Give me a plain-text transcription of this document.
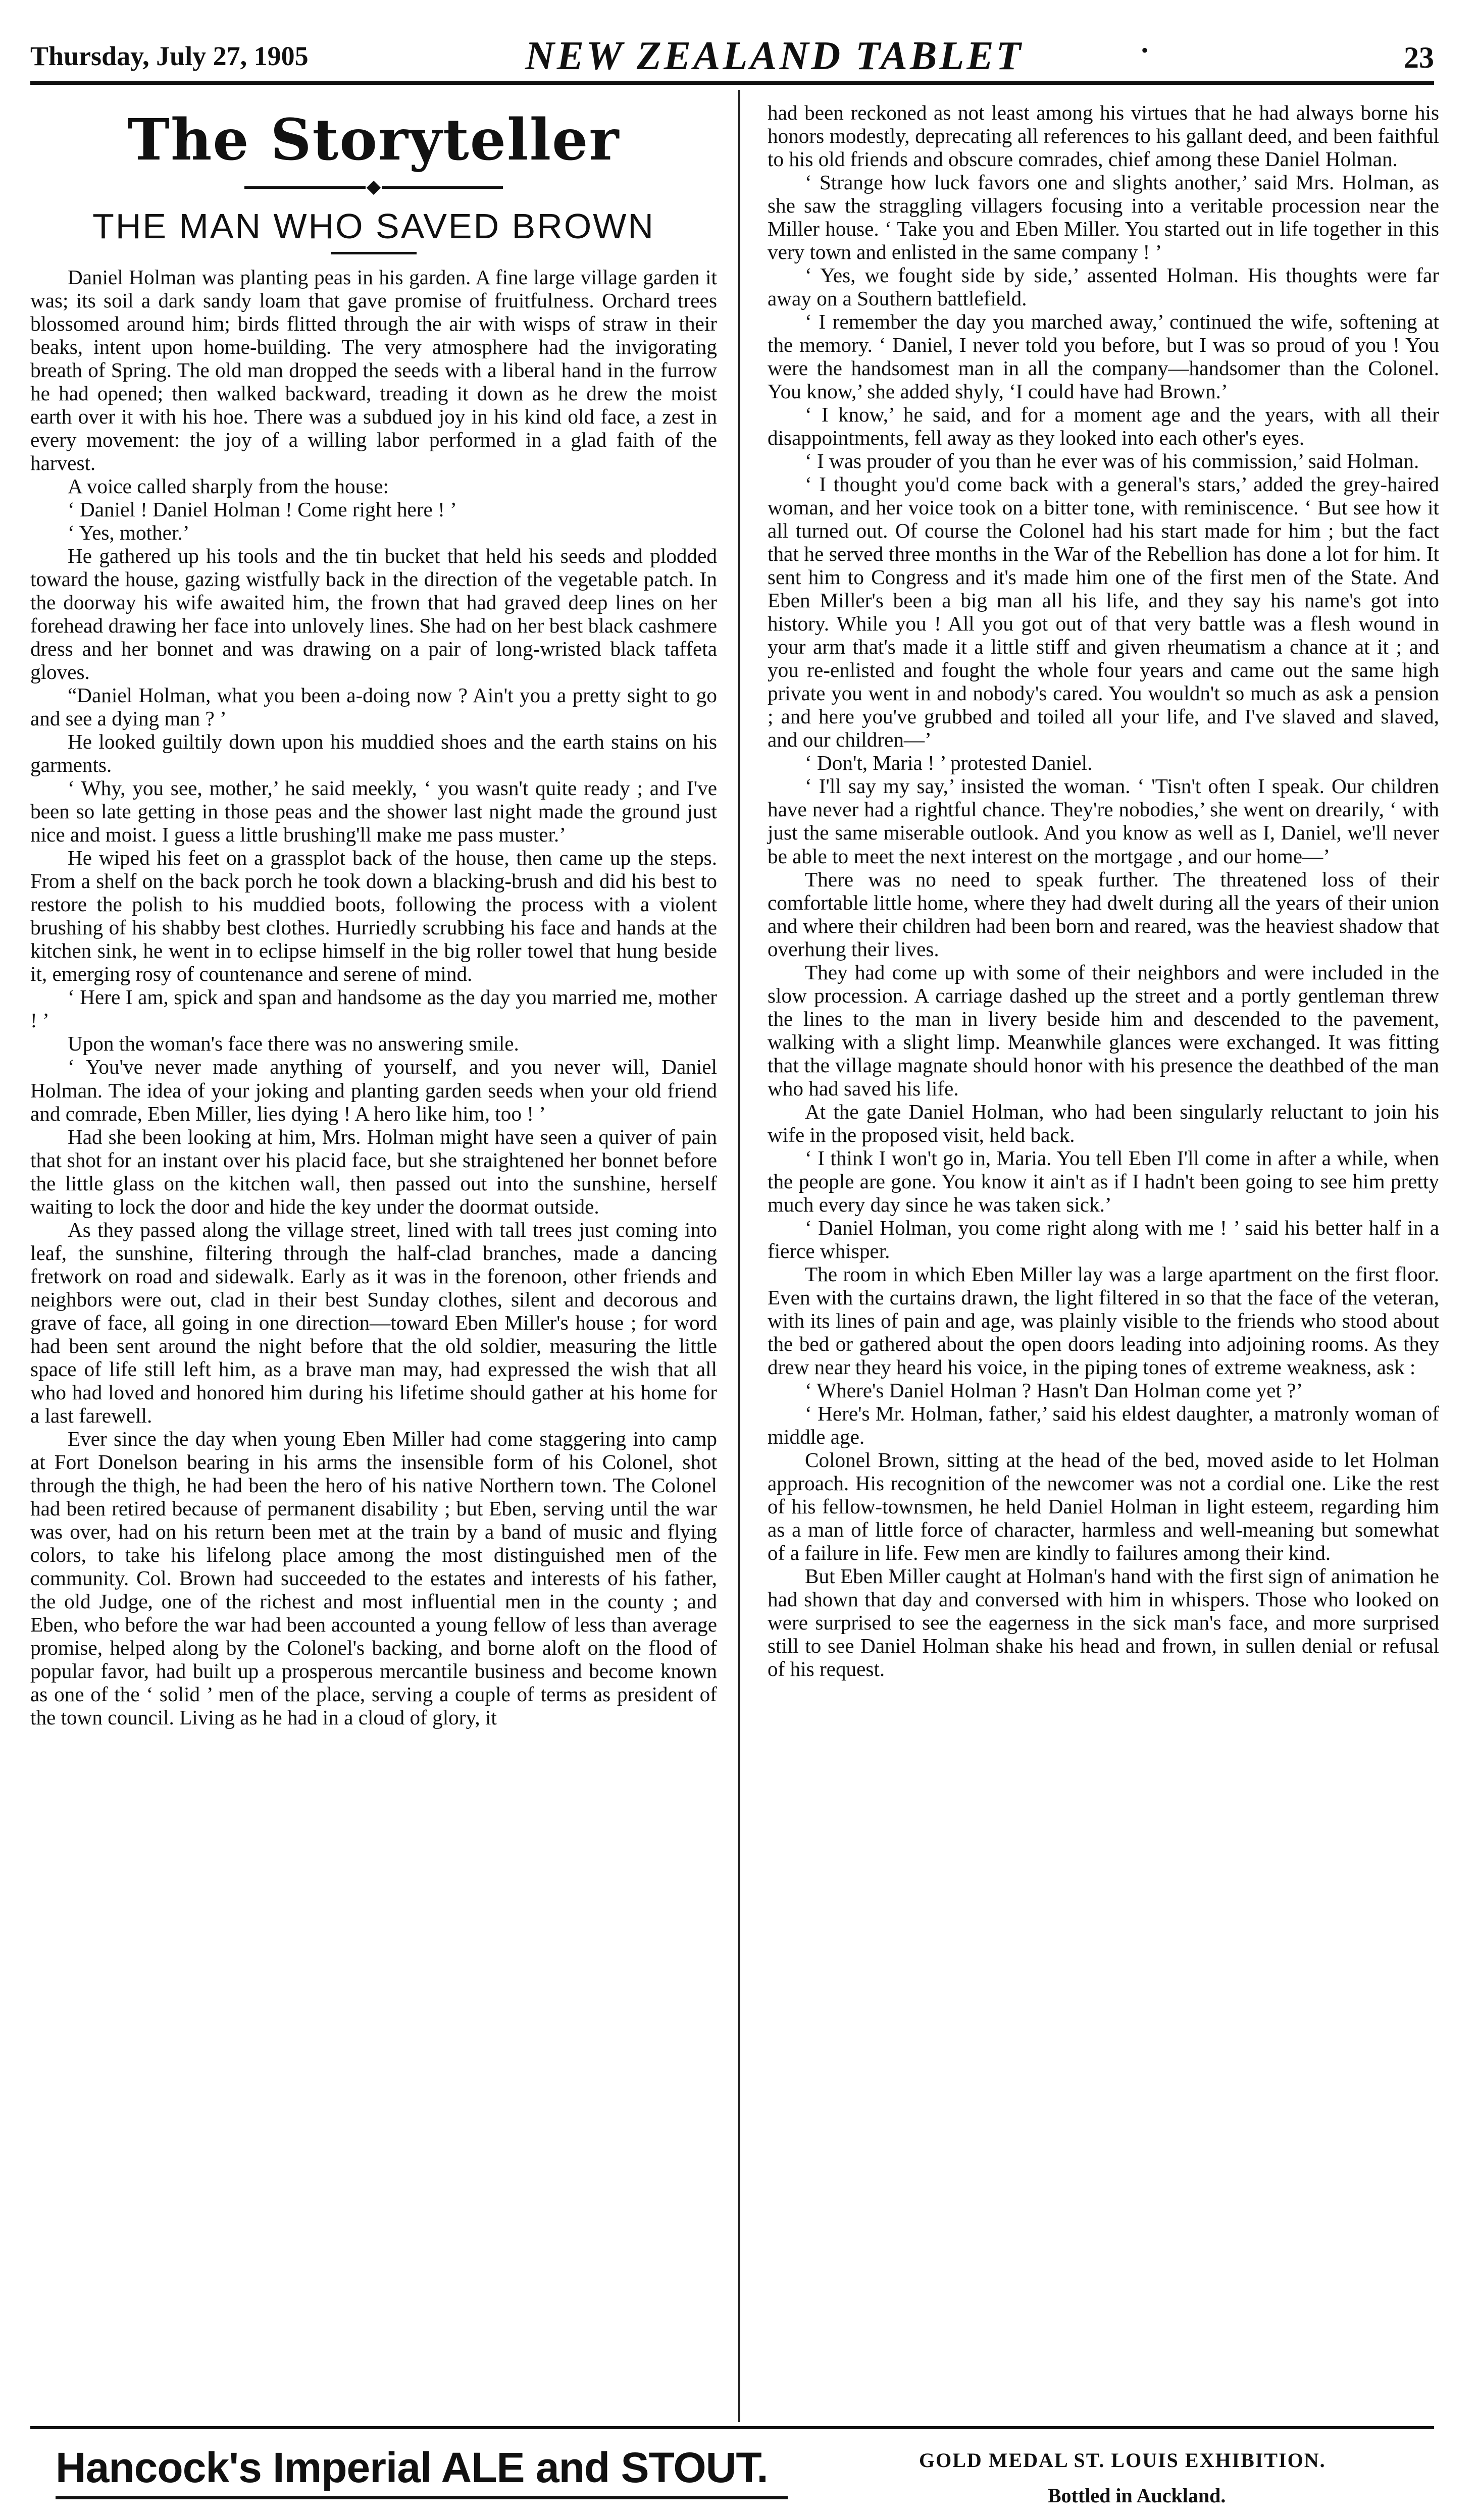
Thursday, July 27, 1905	NEW ZEALAND TABLET	•	23
The Storyteller
THE MAN WHO SAVED BROWN

Daniel Holman was planting peas in his garden. A fine large village garden it was; its soil a dark sandy loam that gave promise of fruitfulness. Orchard trees blossomed around him; birds flitted through the air with wisps of straw in their beaks, intent upon home-building. The very atmosphere had the invigorating breath of Spring. The old man dropped the seeds with a liberal hand in the furrow he had opened; then walked backward, treading it down as he drew the moist earth over it with his hoe. There was a subdued joy in his kind old face, a zest in every movement: the joy of a willing labor performed in a glad faith of the harvest.

A voice called sharply from the house:

‘ Daniel ! Daniel Holman ! Come right here ! ’

‘ Yes, mother.’

He gathered up his tools and the tin bucket that held his seeds and plodded toward the house, gazing wistfully back in the direction of the vegetable patch. In the doorway his wife awaited him, the frown that had graved deep lines on her forehead drawing her face into unlovely lines. She had on her best black cashmere dress and her bonnet and was drawing on a pair of long-wristed black taffeta gloves.

“Daniel Holman, what you been a-doing now ? Ain't you a pretty sight to go and see a dying man ? ’

He looked guiltily down upon his muddied shoes and the earth stains on his garments.

‘ Why, you see, mother,’ he said meekly, ‘ you wasn't quite ready ; and I've been so late getting in those peas and the shower last night made the ground just nice and moist. I guess a little brushing'll make me pass muster.’

He wiped his feet on a grassplot back of the house, then came up the steps. From a shelf on the back porch he took down a blacking-brush and did his best to restore the polish to his muddied boots, following the process with a violent brushing of his shabby best clothes. Hurriedly scrubbing his face and hands at the kitchen sink, he went in to eclipse himself in the big roller towel that hung beside it, emerging rosy of countenance and serene of mind.

‘ Here I am, spick and span and handsome as the day you married me, mother ! ’

Upon the woman's face there was no answering smile.

‘ You've never made anything of yourself, and you never will, Daniel Holman. The idea of your joking and planting garden seeds when your old friend and comrade, Eben Miller, lies dying ! A hero like him, too ! ’

Had she been looking at him, Mrs. Holman might have seen a quiver of pain that shot for an instant over his placid face, but she straightened her bonnet before the little glass on the kitchen wall, then passed out into the sunshine, herself waiting to lock the door and hide the key under the doormat outside.

As they passed along the village street, lined with tall trees just coming into leaf, the sunshine, filtering through the half-clad branches, made a dancing fretwork on road and sidewalk. Early as it was in the forenoon, other friends and neighbors were out, clad in their best Sunday clothes, silent and decorous and grave of face, all going in one direction—toward Eben Miller's house ; for word had been sent around the night before that the old soldier, measuring the little space of life still left him, as a brave man may, had expressed the wish that all who had loved and honored him during his lifetime should gather at his home for a last farewell.

Ever since the day when young Eben Miller had come staggering into camp at Fort Donelson bearing in his arms the insensible form of his Colonel, shot through the thigh, he had been the hero of his native Northern town. The Colonel had been retired because of permanent disability ; but Eben, serving until the war was over, had on his return been met at the train by a band of music and flying colors, to take his lifelong place among the most distinguished men of the community. Col. Brown had succeeded to the estates and interests of his father, the old Judge, one of the richest and most influential men in the county ; and Eben, who before the war had been accounted a young fellow of less than average promise, helped along by the Colonel's backing, and borne aloft on the flood of popular favor, had built up a prosperous mercantile business and become known as one of the ‘ solid ’ men of the place, serving a couple of terms as president of the town council. Living as he had in a cloud of glory, it

had been reckoned as not least among his virtues that he had always borne his honors modestly, deprecating all references to his gallant deed, and been faithful to his old friends and obscure comrades, chief among these Daniel Holman.

‘ Strange how luck favors one and slights another,’ said Mrs. Holman, as she saw the straggling villagers focusing into a veritable procession near the Miller house. ‘ Take you and Eben Miller. You started out in life together in this very town and enlisted in the same company ! ’

‘ Yes, we fought side by side,’ assented Holman. His thoughts were far away on a Southern battlefield.

‘ I remember the day you marched away,’ continued the wife, softening at the memory. ‘ Daniel, I never told you before, but I was so proud of you ! You were the handsomest man in all the company—handsomer than the Colonel. You know,’ she added shyly, ‘I could have had Brown.’

‘ I know,’ he said, and for a moment age and the years, with all their disappointments, fell away as they looked into each other's eyes.

‘ I was prouder of you than he ever was of his commission,’ said Holman.

‘ I thought you'd come back with a general's stars,’ added the grey-haired woman, and her voice took on a bitter tone, with reminiscence. ‘ But see how it all turned out. Of course the Colonel had his start made for him ; but the fact that he served three months in the War of the Rebellion has done a lot for him. It sent him to Congress and it's made him one of the first men of the State. And Eben Miller's been a big man all his life, and they say his name's got into history. While you ! All you got out of that very battle was a flesh wound in your arm that's made it a little stiff and given rheumatism a chance at it ; and you re-enlisted and fought the whole four years and came out the same high private you went in and nobody's cared. You wouldn't so much as ask a pension ; and here you've grubbed and toiled all your life, and I've slaved and slaved, and our children—’

‘ Don't, Maria ! ’ protested Daniel.

‘ I'll say my say,’ insisted the woman. ‘ 'Tisn't often I speak. Our children have never had a rightful chance. They're nobodies,’ she went on drearily, ‘ with just the same miserable outlook. And you know as well as I, Daniel, we'll never be able to meet the next interest on the mortgage , and our home—’

There was no need to speak further. The threatened loss of their comfortable little home, where they had dwelt during all the years of their union and where their children had been born and reared, was the heaviest shadow that overhung their lives.

They had come up with some of their neighbors and were included in the slow procession. A carriage dashed up the street and a portly gentleman threw the lines to the man in livery beside him and descended to the pavement, walking with a slight limp. Meanwhile glances were exchanged. It was fitting that the village magnate should honor with his presence the deathbed of the man who had saved his life.

At the gate Daniel Holman, who had been singularly reluctant to join his wife in the proposed visit, held back.

‘ I think I won't go in, Maria. You tell Eben I'll come in after a while, when the people are gone. You know it ain't as if I hadn't been going to see him pretty much every day since he was taken sick.’

‘ Daniel Holman, you come right along with me ! ’ said his better half in a fierce whisper.

The room in which Eben Miller lay was a large apartment on the first floor. Even with the curtains drawn, the light filtered in so that the face of the veteran, with its lines of pain and age, was plainly visible to the friends who stood about the bed or gathered about the open doors leading into adjoining rooms. As they drew near they heard his voice, in the piping tones of extreme weakness, ask :

‘ Where's Daniel Holman ? Hasn't Dan Holman come yet ?’

‘ Here's Mr. Holman, father,’ said his eldest daughter, a matronly woman of middle age.

Colonel Brown, sitting at the head of the bed, moved aside to let Holman approach. His recognition of the newcomer was not a cordial one. Like the rest of his fellow-townsmen, he held Daniel Holman in light esteem, regarding him as a man of little force of character, harmless and well-meaning but somewhat of a failure in life. Few men are kindly to failures among their kind.

But Eben Miller caught at Holman's hand with the first sign of animation he had shown that day and conversed with him in whispers. Those who looked on were surprised to see the eagerness in the sick man's face, and more surprised still to see Daniel Holman shake his head and frown, in sullen denial or refusal of his request.

Hancock's Imperial ALE and STOUT.	GOLD MEDAL ST. LOUIS EXHIBITION.
Bottled in Auckland.
